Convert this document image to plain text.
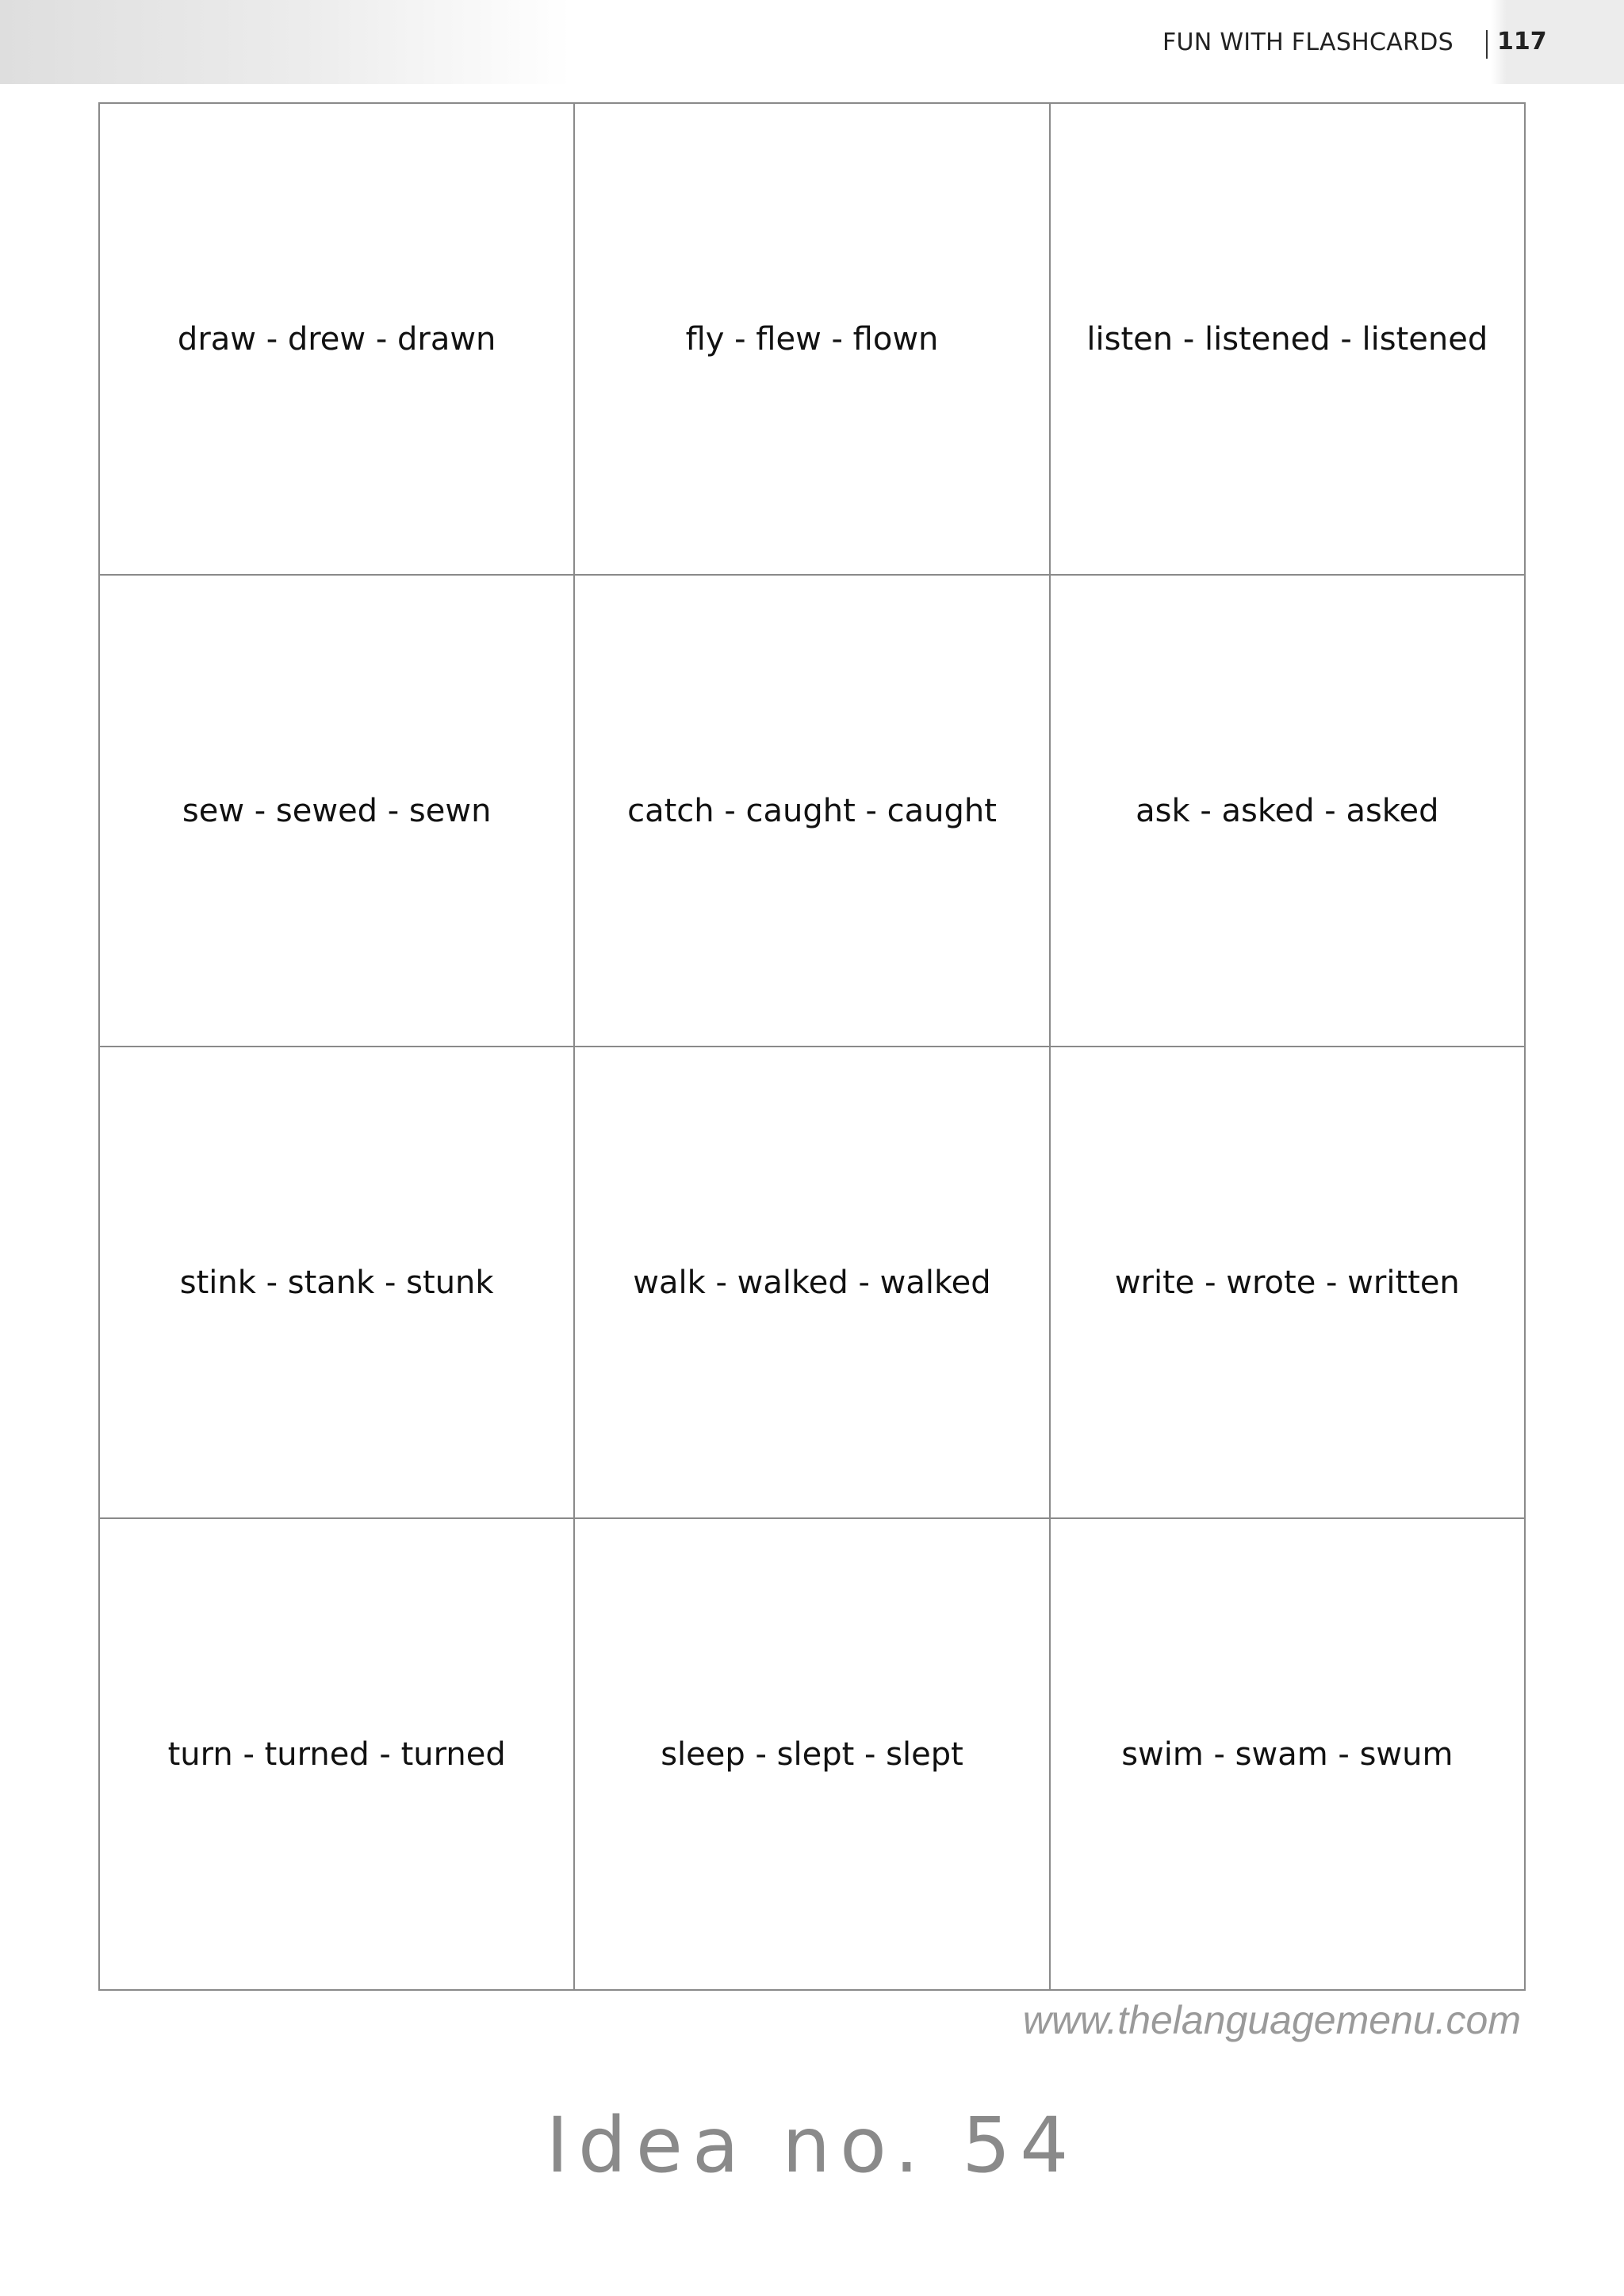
FUN WITH FLASHCARDS 117
draw - drew - drawn	fly - flew - flown	listen - listened - listened
sew - sewed - sewn	catch - caught - caught	ask - asked - asked
stink - stank - stunk	walk - walked - walked	write - wrote - written
turn - turned - turned	sleep - slept - slept	swim - swam - swum
www.thelanguagemenu.com
Idea no. 54
